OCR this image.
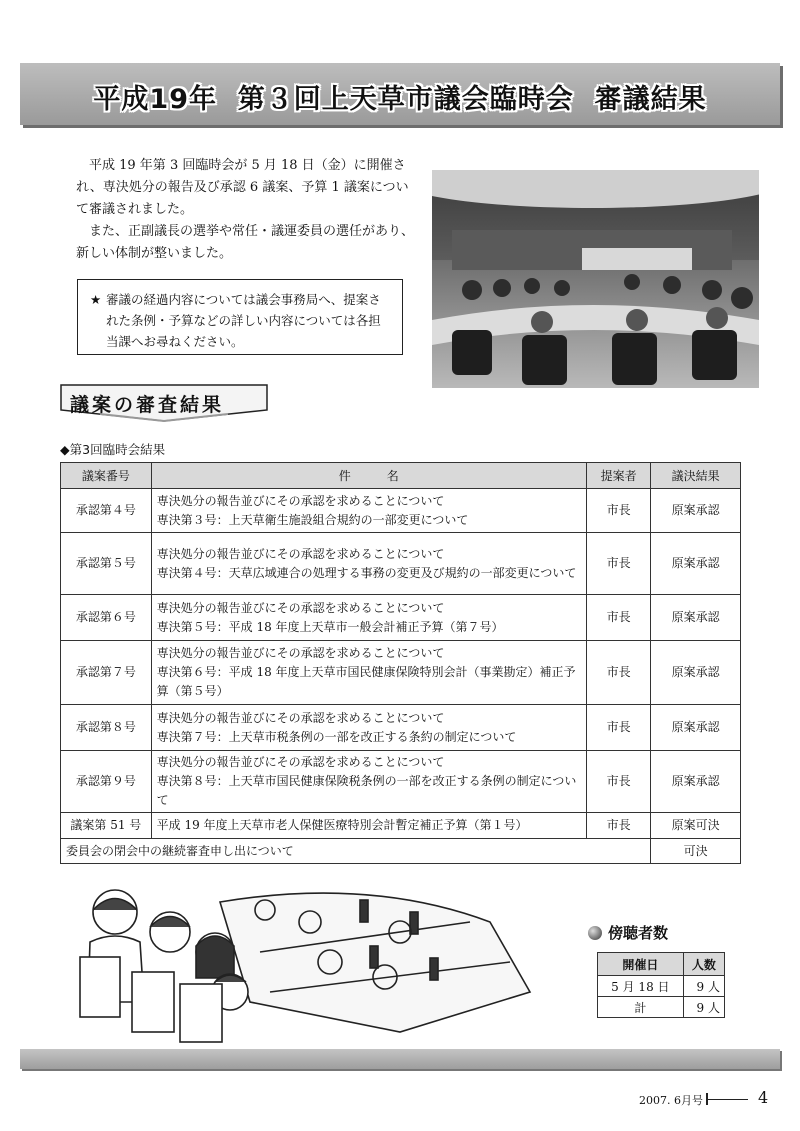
平成19年  第３回上天草市議会臨時会  審議結果

平成 19 年第 3 回臨時会が 5 月 18 日（金）に開催され、専決処分の報告及び承認 6 議案、予算 1 議案について審議されました。

また、正副議長の選挙や常任・議運委員の選任があり、新しい体制が整いました。

★ 審議の経過内容については議会事務局へ、提案された条例・予算などの詳しい内容については各担当課へお尋ねください。
議案の審査結果
◆第3回臨時会結果
議案番号	件　　　名	提案者	議決結果
承認第４号	専決処分の報告並びにその承認を求めることについて
専決第３号：上天草衛生施設組合規約の一部変更について	市長	原案承認
承認第５号	専決処分の報告並びにその承認を求めることについて
専決第４号：天草広域連合の処理する事務の変更及び規約の一部変更について	市長	原案承認
承認第６号	専決処分の報告並びにその承認を求めることについて
専決第５号：平成 18 年度上天草市一般会計補正予算（第７号）	市長	原案承認
承認第７号	専決処分の報告並びにその承認を求めることについて
専決第６号：平成 18 年度上天草市国民健康保険特別会計（事業勘定）補正予算（第５号）	市長	原案承認
承認第８号	専決処分の報告並びにその承認を求めることについて
専決第７号：上天草市税条例の一部を改正する条約の制定について	市長	原案承認
承認第９号	専決処分の報告並びにその承認を求めることについて
専決第８号：上天草市国民健康保険税条例の一部を改正する条例の制定について	市長	原案承認
議案第 51 号	平成 19 年度上天草市老人保健医療特別会計暫定補正予算（第１号）	市長	原案可決
委員会の閉会中の継続審査申し出について			可決
傍聴者数
開催日	人数
5 月 18 日	9 人
計	9 人
2007. 6月号	4
